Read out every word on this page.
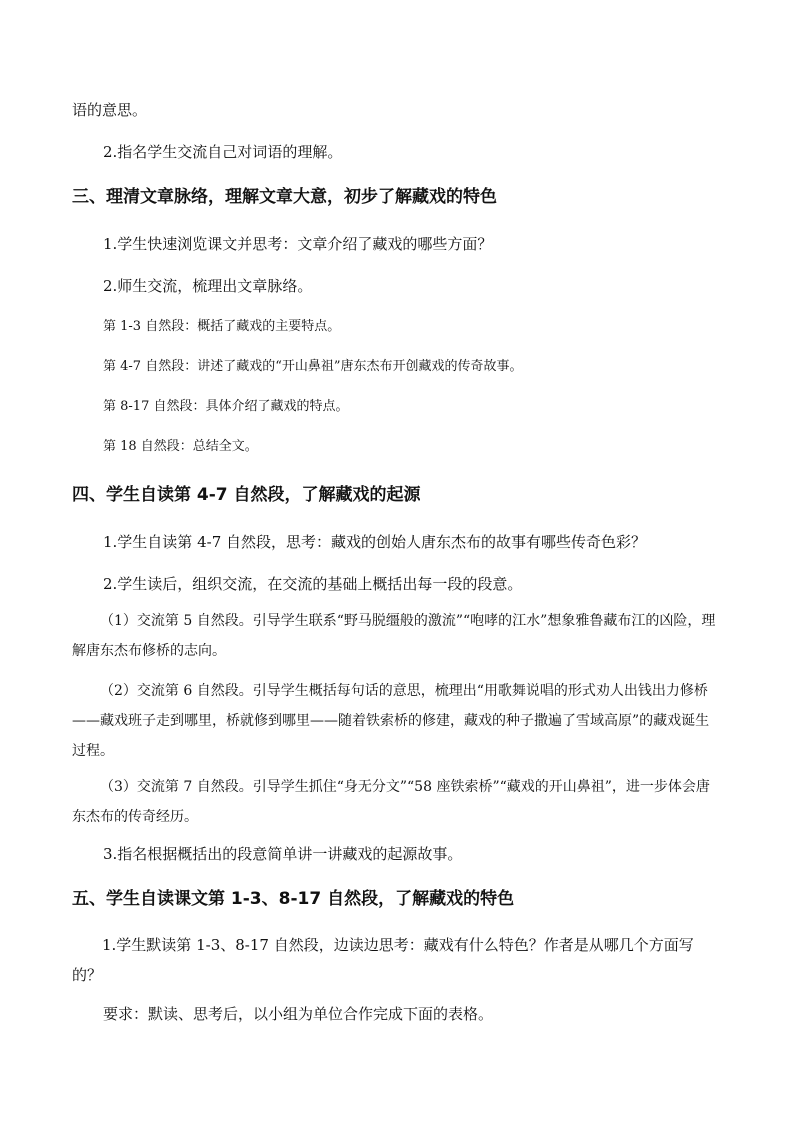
语的意思。
2.指名学生交流自己对词语的理解。
三、理清文章脉络，理解文章大意，初步了解藏戏的特色
1.学生快速浏览课文并思考：文章介绍了藏戏的哪些方面？
2.师生交流，梳理出文章脉络。
第 1-3 自然段：概括了藏戏的主要特点。
第 4-7 自然段：讲述了藏戏的“开山鼻祖”唐东杰布开创藏戏的传奇故事。
第 8-17 自然段：具体介绍了藏戏的特点。
第 18 自然段：总结全文。
四、学生自读第 4-7 自然段，了解藏戏的起源
1.学生自读第 4-7 自然段，思考：藏戏的创始人唐东杰布的故事有哪些传奇色彩？
2.学生读后，组织交流，在交流的基础上概括出每一段的段意。
（1）交流第 5 自然段。引导学生联系“野马脱缰般的激流”“咆哮的江水”想象雅鲁藏布江的凶险，理解唐东杰布修桥的志向。
（2）交流第 6 自然段。引导学生概括每句话的意思，梳理出“用歌舞说唱的形式劝人出钱出力修桥——藏戏班子走到哪里，桥就修到哪里——随着铁索桥的修建，藏戏的种子撒遍了雪域高原”的藏戏诞生过程。
（3）交流第 7 自然段。引导学生抓住“身无分文”“58 座铁索桥”“藏戏的开山鼻祖”，进一步体会唐东杰布的传奇经历。
3.指名根据概括出的段意简单讲一讲藏戏的起源故事。
五、学生自读课文第 1-3、8-17 自然段，了解藏戏的特色
1.学生默读第 1-3、8-17 自然段，边读边思考：藏戏有什么特色？作者是从哪几个方面写的？
要求：默读、思考后，以小组为单位合作完成下面的表格。
